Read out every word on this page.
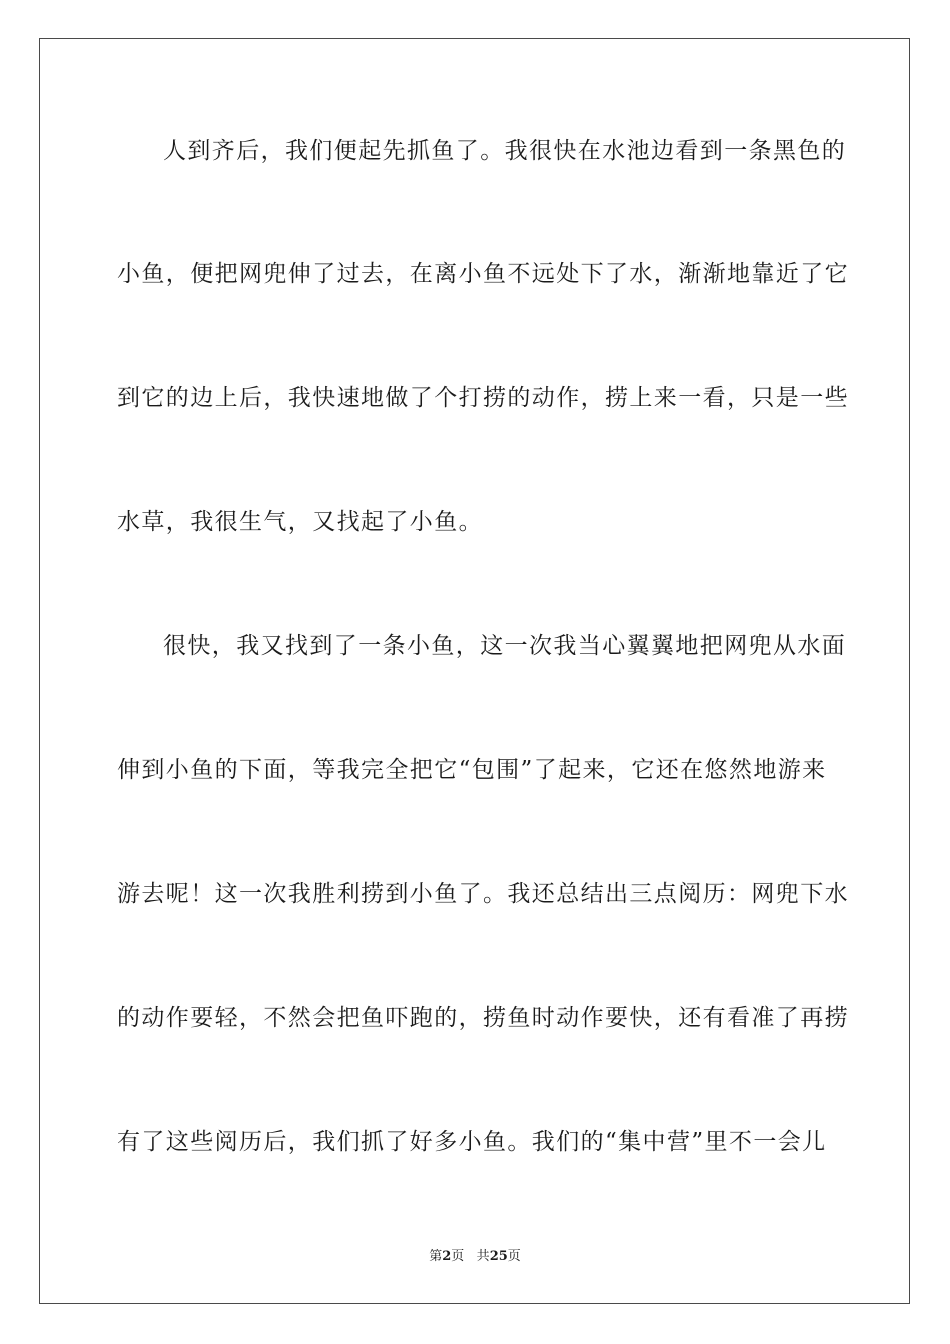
人到齐后，我们便起先抓鱼了。我很快在水池边看到一条黑色的
小鱼，便把网兜伸了过去，在离小鱼不远处下了水，渐渐地靠近了它
到它的边上后，我快速地做了个打捞的动作，捞上来一看，只是一些
水草，我很生气，又找起了小鱼。
很快，我又找到了一条小鱼，这一次我当心翼翼地把网兜从水面
伸到小鱼的下面，等我完全把它“包围”了起来，它还在悠然地游来
游去呢！这一次我胜利捞到小鱼了。我还总结出三点阅历：网兜下水
的动作要轻，不然会把鱼吓跑的，捞鱼时动作要快，还有看准了再捞
有了这些阅历后，我们抓了好多小鱼。我们的“集中营”里不一会儿
第2页 共25页
